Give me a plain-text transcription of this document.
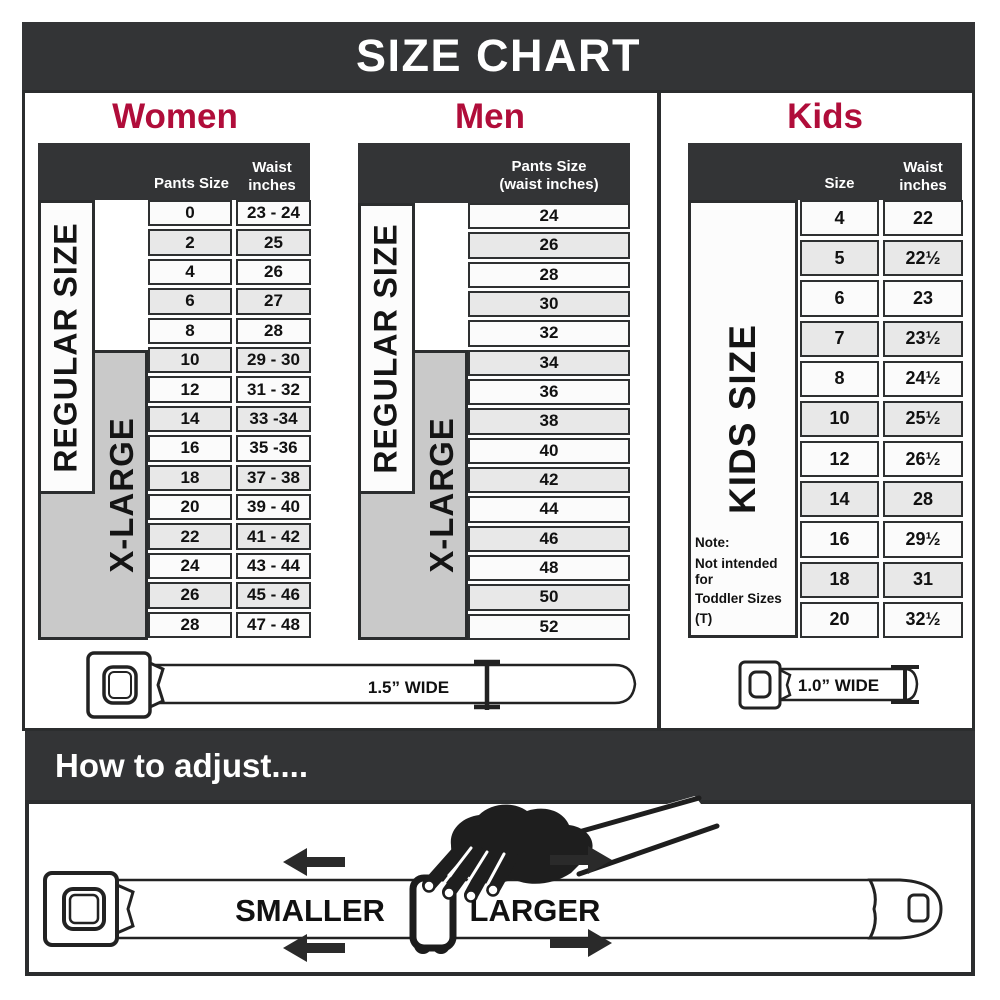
SIZE CHART
Women	Men	Kids
Pants Size
Waist inches
REGULAR SIZE
X-LARGE
0	23 - 24
2	25
4	26
6	27
8	28
10	29 - 30
12	31 - 32
14	33 -34
16	35 -36
18	37 - 38
20	39 - 40
22	41 - 42
24	43 - 44
26	45 - 46
28	47 - 48
Pants Size
(waist inches)
REGULAR SIZE
X-LARGE
24
26
28
30
32
34
36
38
40
42
44
46
48
50
52
Size
Waist inches
KIDS SIZE
Note:
Not intended for
Toddler Sizes (T)
4	22
5	22½
6	23
7	23½
8	24½
10	25½
12	26½
14	28
16	29½
18	31
20	32½
1.5” WIDE	1.0” WIDE
How to adjust....
SMALLER	LARGER
